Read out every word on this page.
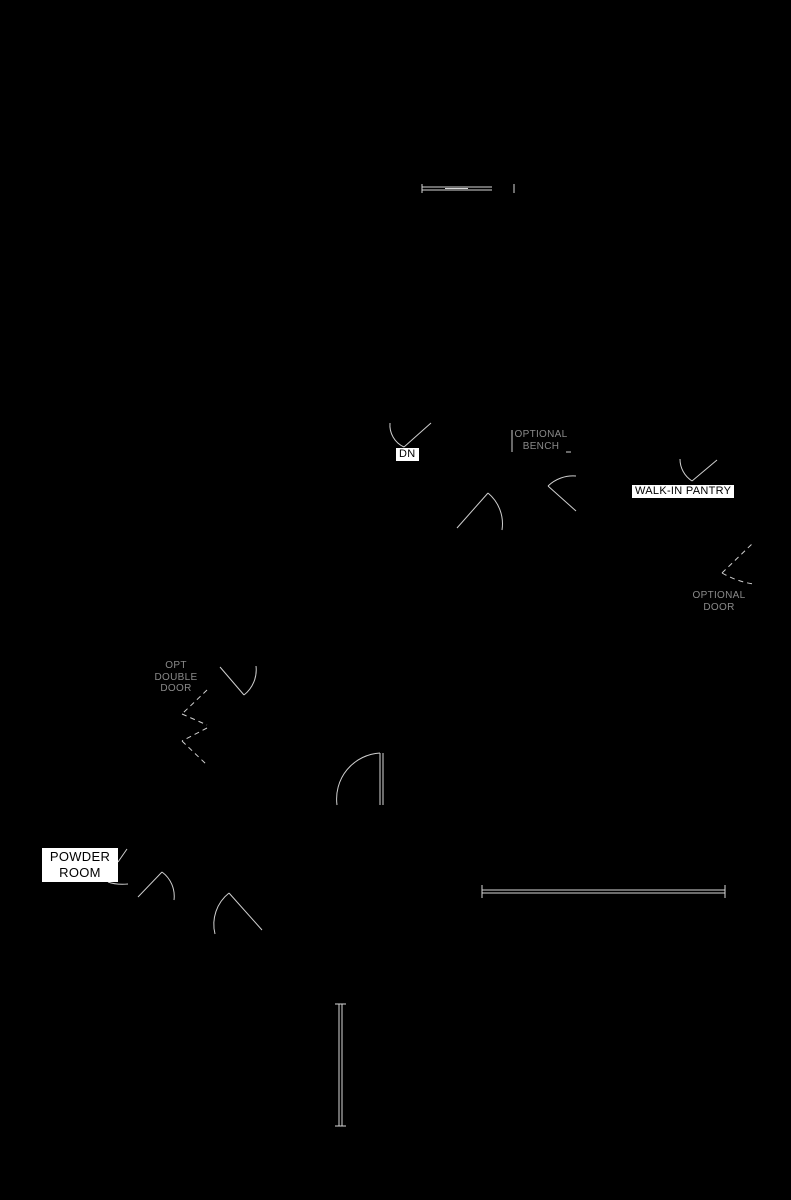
DN
OPTIONAL
BENCH
WALK-IN PANTRY
OPTIONAL
DOOR
OPT
DOUBLE
DOOR
POWDER
ROOM
